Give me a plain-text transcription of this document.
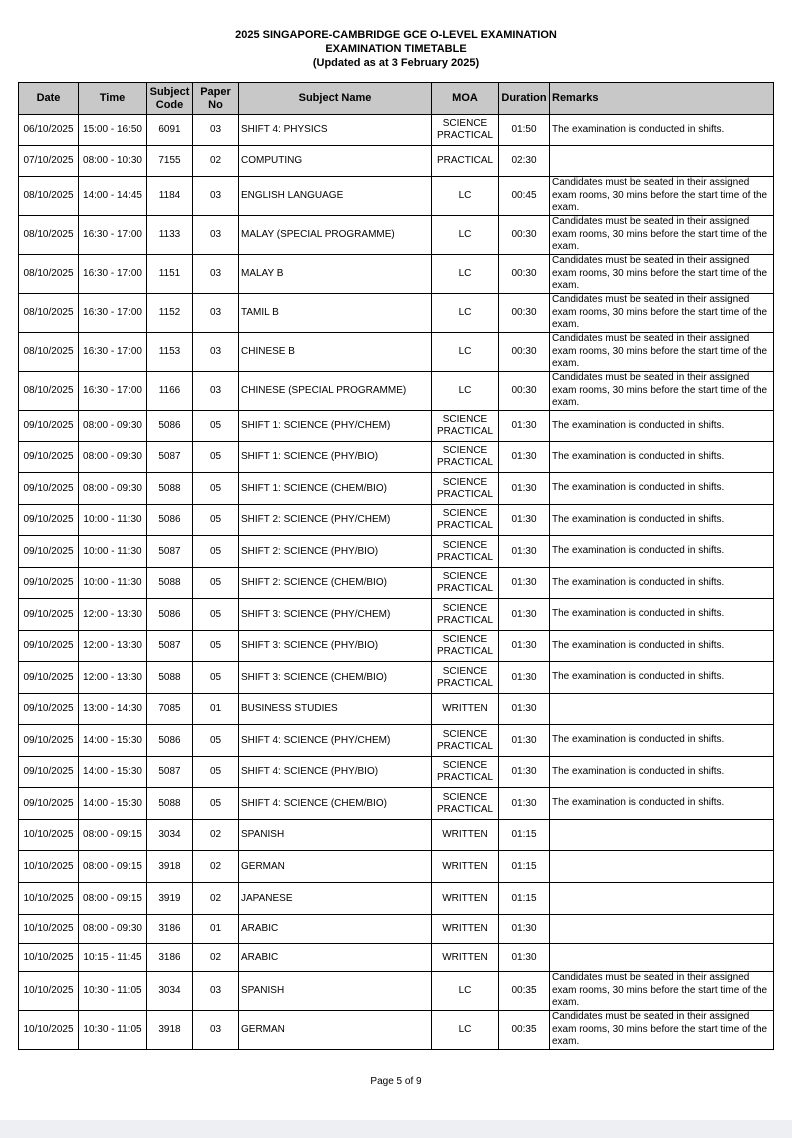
2025 SINGAPORE-CAMBRIDGE GCE O-LEVEL EXAMINATION
EXAMINATION TIMETABLE
(Updated as at 3 February 2025)
Date	Time	Subject Code	Paper No	Subject Name	MOA	Duration	Remarks
06/10/2025	15:00 - 16:50	6091	03	SHIFT 4: PHYSICS	SCIENCE PRACTICAL	01:50	The examination is conducted in shifts.
07/10/2025	08:00 - 10:30	7155	02	COMPUTING	PRACTICAL	02:30	
08/10/2025	14:00 - 14:45	1184	03	ENGLISH LANGUAGE	LC	00:45	Candidates must be seated in their assigned exam rooms, 30 mins before the start time of the exam.
08/10/2025	16:30 - 17:00	1133	03	MALAY (SPECIAL PROGRAMME)	LC	00:30	Candidates must be seated in their assigned exam rooms, 30 mins before the start time of the exam.
08/10/2025	16:30 - 17:00	1151	03	MALAY B	LC	00:30	Candidates must be seated in their assigned exam rooms, 30 mins before the start time of the exam.
08/10/2025	16:30 - 17:00	1152	03	TAMIL B	LC	00:30	Candidates must be seated in their assigned exam rooms, 30 mins before the start time of the exam.
08/10/2025	16:30 - 17:00	1153	03	CHINESE B	LC	00:30	Candidates must be seated in their assigned exam rooms, 30 mins before the start time of the exam.
08/10/2025	16:30 - 17:00	1166	03	CHINESE (SPECIAL PROGRAMME)	LC	00:30	Candidates must be seated in their assigned exam rooms, 30 mins before the start time of the exam.
09/10/2025	08:00 - 09:30	5086	05	SHIFT 1: SCIENCE (PHY/CHEM)	SCIENCE PRACTICAL	01:30	The examination is conducted in shifts.
09/10/2025	08:00 - 09:30	5087	05	SHIFT 1: SCIENCE (PHY/BIO)	SCIENCE PRACTICAL	01:30	The examination is conducted in shifts.
09/10/2025	08:00 - 09:30	5088	05	SHIFT 1: SCIENCE (CHEM/BIO)	SCIENCE PRACTICAL	01:30	The examination is conducted in shifts.
09/10/2025	10:00 - 11:30	5086	05	SHIFT 2: SCIENCE (PHY/CHEM)	SCIENCE PRACTICAL	01:30	The examination is conducted in shifts.
09/10/2025	10:00 - 11:30	5087	05	SHIFT 2: SCIENCE (PHY/BIO)	SCIENCE PRACTICAL	01:30	The examination is conducted in shifts.
09/10/2025	10:00 - 11:30	5088	05	SHIFT 2: SCIENCE (CHEM/BIO)	SCIENCE PRACTICAL	01:30	The examination is conducted in shifts.
09/10/2025	12:00 - 13:30	5086	05	SHIFT 3: SCIENCE (PHY/CHEM)	SCIENCE PRACTICAL	01:30	The examination is conducted in shifts.
09/10/2025	12:00 - 13:30	5087	05	SHIFT 3: SCIENCE (PHY/BIO)	SCIENCE PRACTICAL	01:30	The examination is conducted in shifts.
09/10/2025	12:00 - 13:30	5088	05	SHIFT 3: SCIENCE (CHEM/BIO)	SCIENCE PRACTICAL	01:30	The examination is conducted in shifts.
09/10/2025	13:00 - 14:30	7085	01	BUSINESS STUDIES	WRITTEN	01:30	
09/10/2025	14:00 - 15:30	5086	05	SHIFT 4: SCIENCE (PHY/CHEM)	SCIENCE PRACTICAL	01:30	The examination is conducted in shifts.
09/10/2025	14:00 - 15:30	5087	05	SHIFT 4: SCIENCE (PHY/BIO)	SCIENCE PRACTICAL	01:30	The examination is conducted in shifts.
09/10/2025	14:00 - 15:30	5088	05	SHIFT 4: SCIENCE (CHEM/BIO)	SCIENCE PRACTICAL	01:30	The examination is conducted in shifts.
10/10/2025	08:00 - 09:15	3034	02	SPANISH	WRITTEN	01:15	
10/10/2025	08:00 - 09:15	3918	02	GERMAN	WRITTEN	01:15	
10/10/2025	08:00 - 09:15	3919	02	JAPANESE	WRITTEN	01:15	
10/10/2025	08:00 - 09:30	3186	01	ARABIC	WRITTEN	01:30	
10/10/2025	10:15 - 11:45	3186	02	ARABIC	WRITTEN	01:30	
10/10/2025	10:30 - 11:05	3034	03	SPANISH	LC	00:35	Candidates must be seated in their assigned exam rooms, 30 mins before the start time of the exam.
10/10/2025	10:30 - 11:05	3918	03	GERMAN	LC	00:35	Candidates must be seated in their assigned exam rooms, 30 mins before the start time of the exam.
Page 5 of 9
